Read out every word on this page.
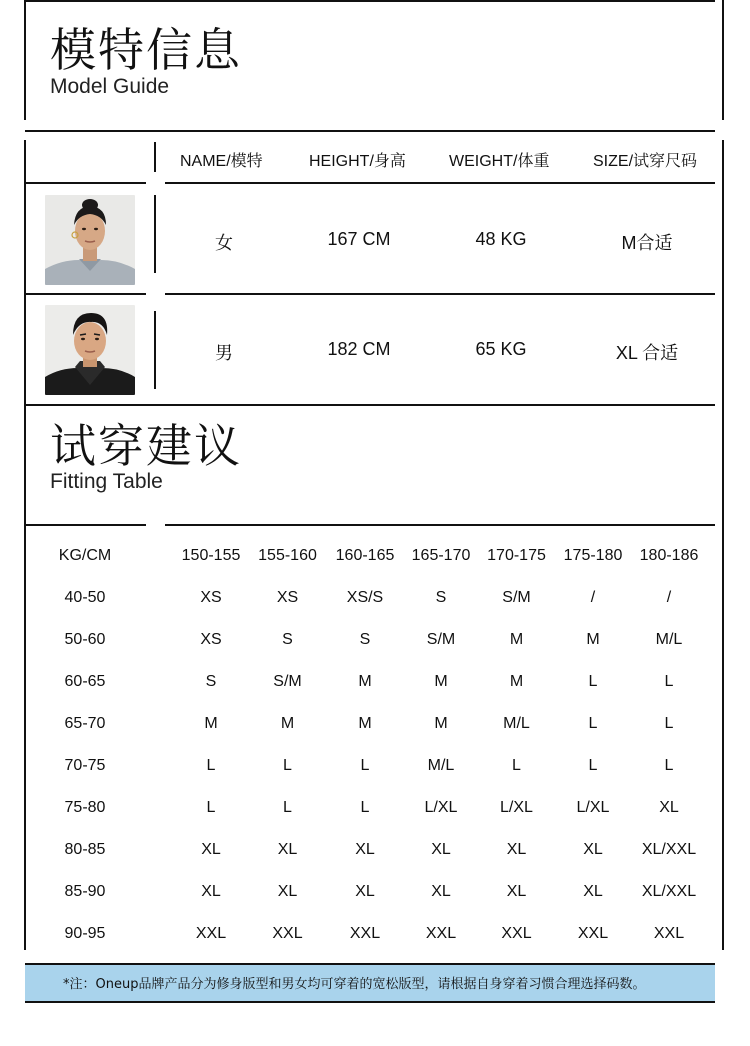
模特信息
Model Guide
NAME/模特	HEIGHT/身高	WEIGHT/体重	SIZE/试穿尺码
女	167 CM	48 KG	M合适
男	182 CM	65 KG	XL 合适
试穿建议
Fitting Table
KG/CM	150-155	155-160	160-165	165-170	170-175	175-180	180-186
40-50	XS	XS	XS/S	S	S/M	/	/
50-60	XS	S	S	S/M	M	M	M/L
60-65	S	S/M	M	M	M	L	L
65-70	M	M	M	M	M/L	L	L
70-75	L	L	L	M/L	L	L	L
75-80	L	L	L	L/XL	L/XL	L/XL	XL
80-85	XL	XL	XL	XL	XL	XL	XL/XXL
85-90	XL	XL	XL	XL	XL	XL	XL/XXL
90-95	XXL	XXL	XXL	XXL	XXL	XXL	XXL
*注：Oneup品牌产品分为修身版型和男女均可穿着的宽松版型，请根据自身穿着习惯合理选择码数。
